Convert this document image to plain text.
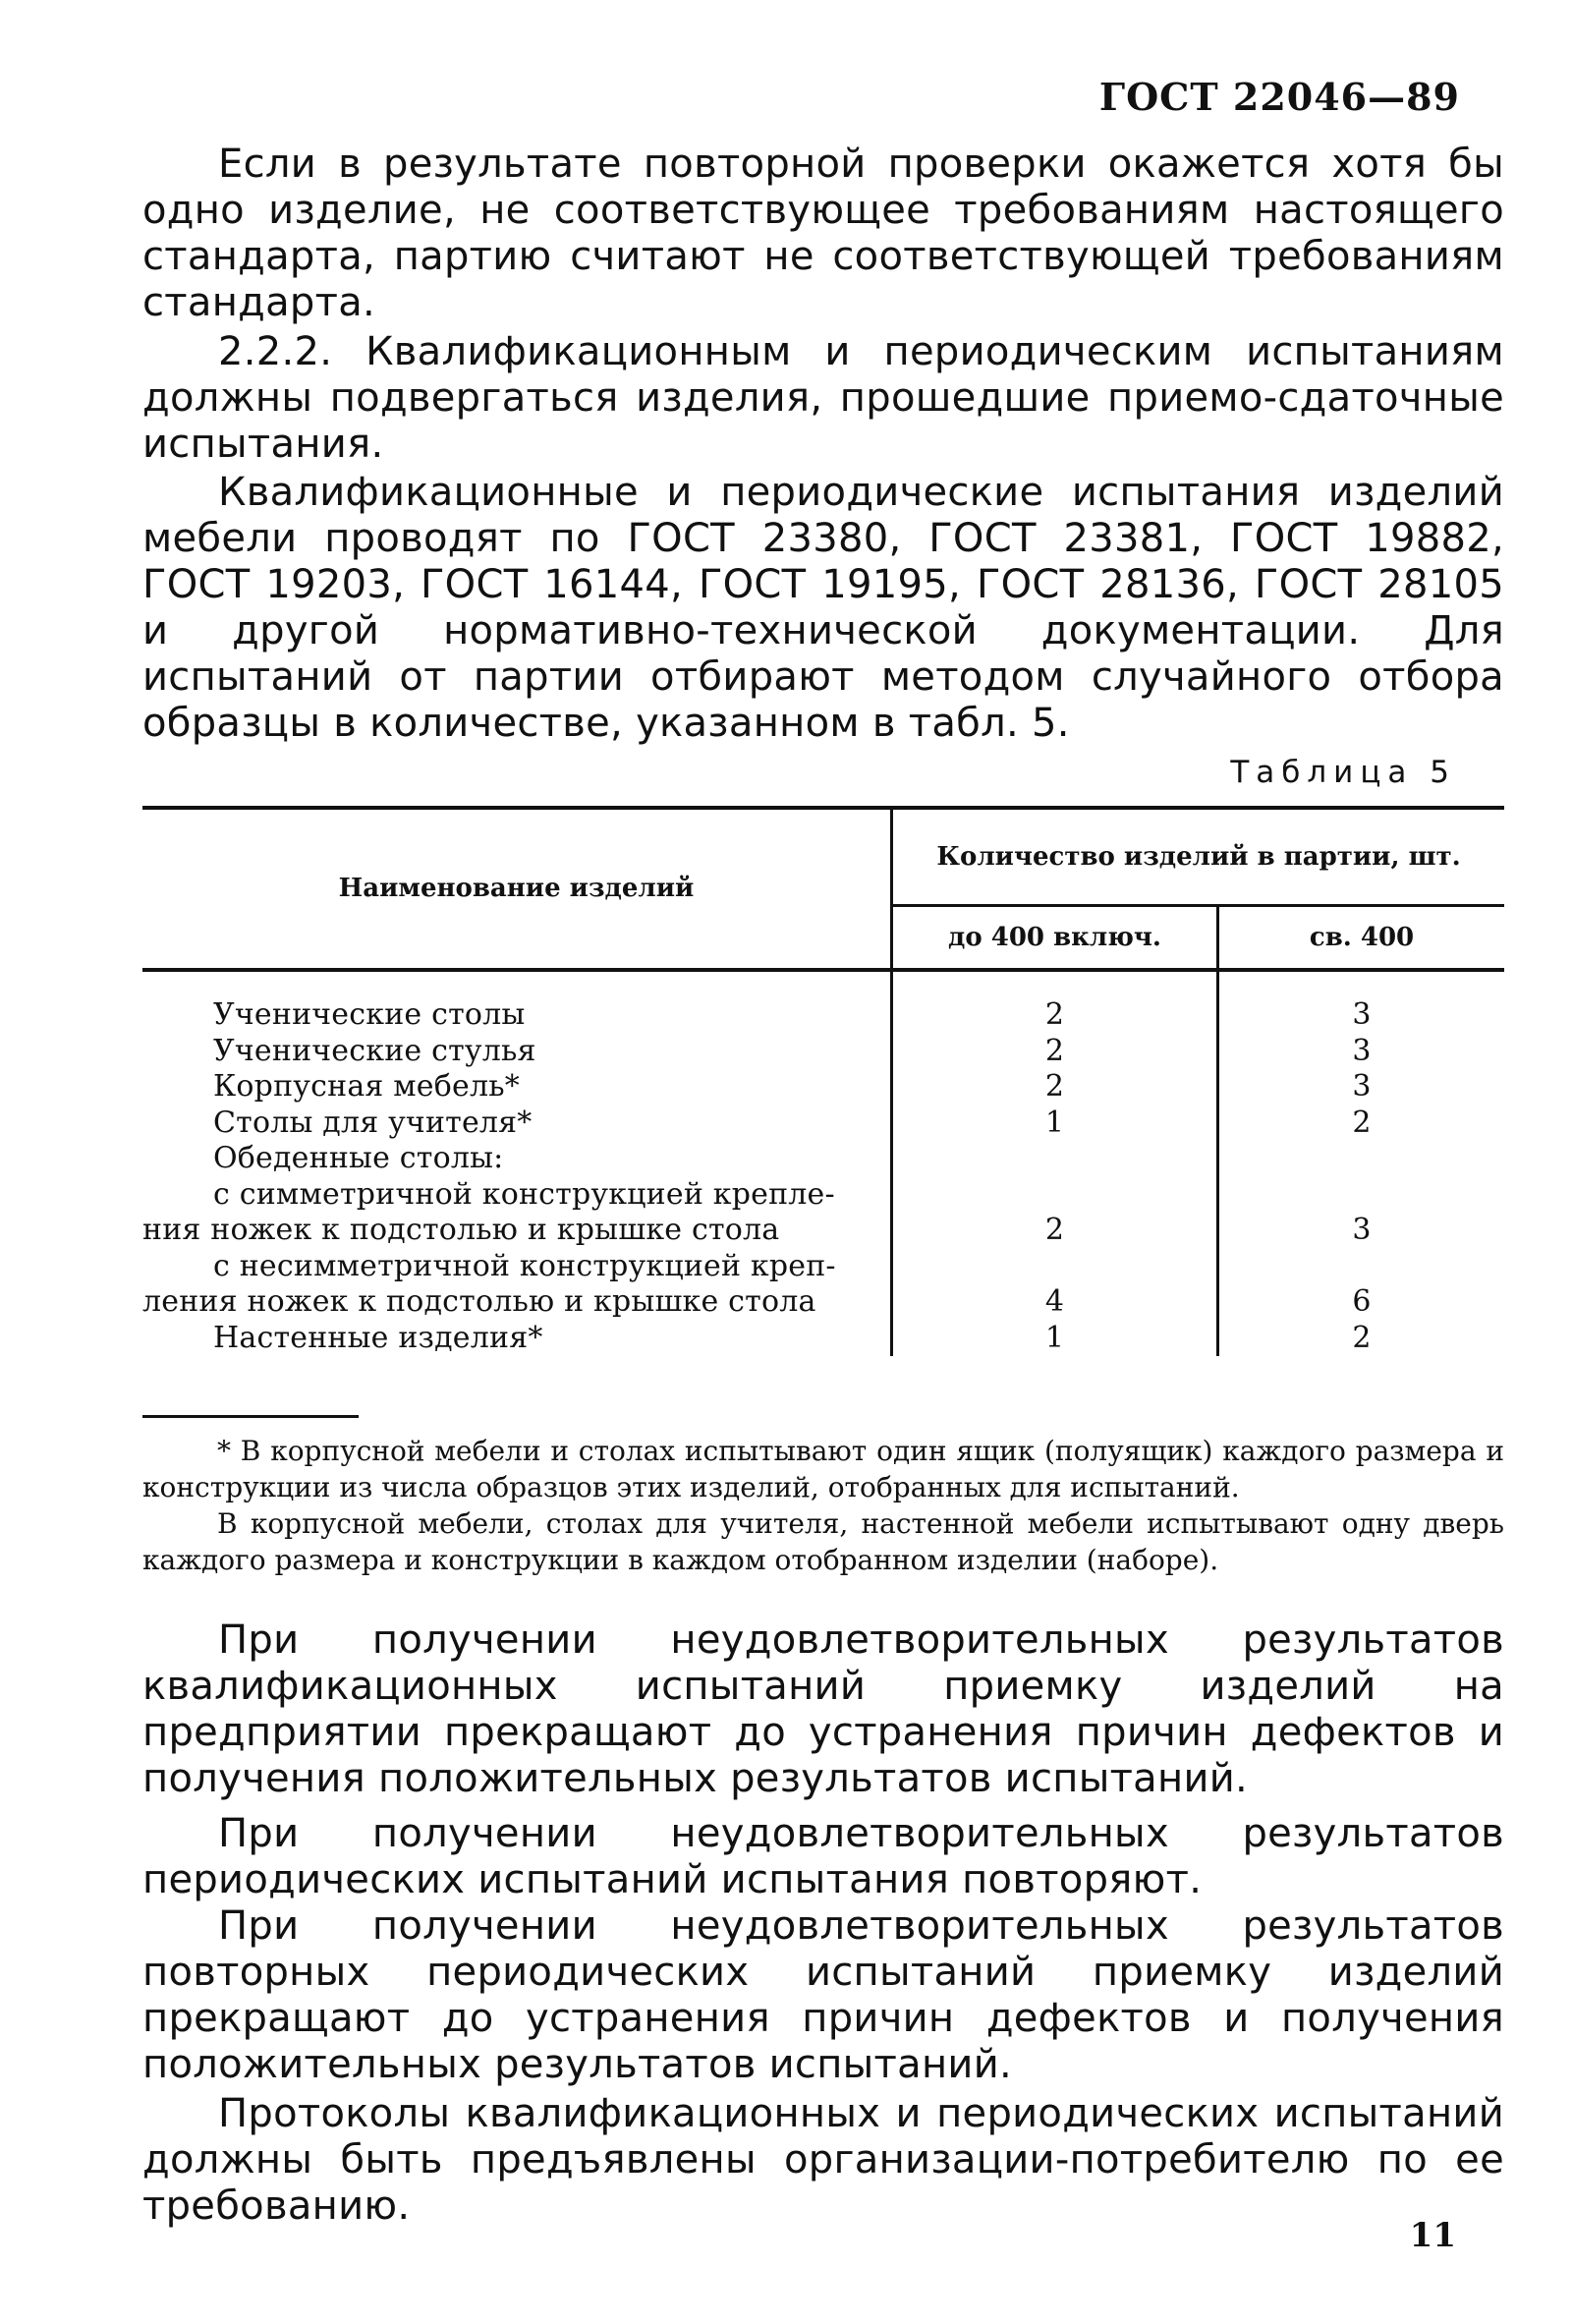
ГОСТ 22046—89

Если в результате повторной проверки окажется хотя бы одно изделие, не соответствующее требованиям настоящего стандарта, партию считают не соответствующей требованиям стандарта.

2.2.2. Квалификационным и периодическим испытаниям должны подвергаться изделия, прошедшие приемо-сдаточные испытания.

Квалификационные и периодические испытания изделий мебели проводят по ГОСТ 23380, ГОСТ 23381, ГОСТ 19882, ГОСТ 19203, ГОСТ 16144, ГОСТ 19195, ГОСТ 28136, ГОСТ 28105 и другой нормативно-технической документации. Для испытаний от партии отбирают методом случайного отбора образцы в количестве, указанном в табл. 5.

Таблица 5
Наименование изделий	Количество изделий в партии, шт.	
	до 400 включ.	св. 400
Ученические столы	2	3
Ученические стулья	2	3
Корпусная мебель*	2	3
Столы для учителя*	1	2
Обеденные столы:		
с симметричной конструкцией крепле-		

ния ножек к подстолью и крышке стола	2	3
с несимметричной конструкцией креп-		

ления ножек к подстолью и крышке стола	4	6
Настенные изделия*	1	2

* В корпусной мебели и столах испытывают один ящик (полуящик) каждого размера и конструкции из числа образцов этих изделий, отобранных для испытаний.

В корпусной мебели, столах для учителя, настенной мебели испытывают одну дверь каждого размера и конструкции в каждом отобранном изделии (наборе).

При получении неудовлетворительных результатов квалификационных испытаний приемку изделий на предприятии прекращают до устранения причин дефектов и получения положительных результатов испытаний.

При получении неудовлетворительных результатов периодических испытаний испытания повторяют.

При получении неудовлетворительных результатов повторных периодических испытаний приемку изделий прекращают до устранения причин дефектов и получения положительных результатов испытаний.

Протоколы квалификационных и периодических испытаний должны быть предъявлены организации-потребителю по ее требованию.

11
